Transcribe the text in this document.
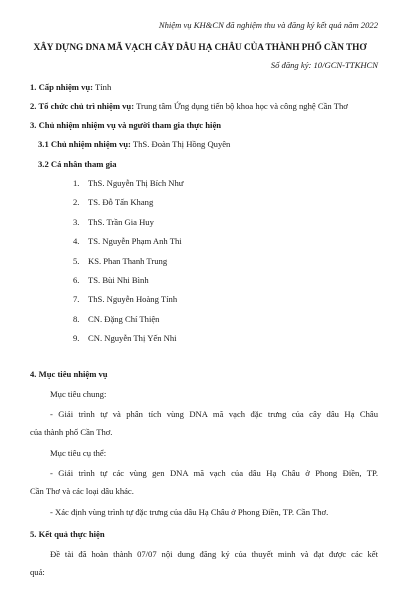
Nhiệm vụ KH&CN đã nghiệm thu và đăng ký kết quả năm 2022
XÂY DỰNG DNA MÃ VẠCH CÂY DÂU HẠ CHÂU CỦA THÀNH PHỐ CẦN THƠ
Số đăng ký: 10/GCN-TTKHCN
1. Cấp nhiệm vụ: Tỉnh
2. Tổ chức chủ trì nhiệm vụ: Trung tâm Ứng dụng tiến bộ khoa học và công nghệ Cần Thơ
3. Chủ nhiệm nhiệm vụ và người tham gia thực hiện
3.1 Chủ nhiệm nhiệm vụ: ThS. Đoàn Thị Hồng Quyên
3.2 Cá nhân tham gia
1. ThS. Nguyễn Thị Bích Như
2. TS. Đỗ Tấn Khang
3. ThS. Trần Gia Huy
4. TS. Nguyễn Phạm Anh Thi
5. KS. Phan Thanh Trung
6. TS. Bùi Nhi Bình
7. ThS. Nguyễn Hoàng Tính
8. CN. Đặng Chí Thiện
9. CN. Nguyễn Thị Yến Nhi
4. Mục tiêu nhiệm vụ
Mục tiêu chung:
- Giải trình tự và phân tích vùng DNA mã vạch đặc trưng của cây dâu Hạ Châu
của thành phố Cần Thơ.
Mục tiêu cụ thể:
- Giải trình tự các vùng gen DNA mã vạch của dâu Hạ Châu ở Phong Điền, TP.
Cần Thơ và các loại dâu khác.
- Xác định vùng trình tự đặc trưng của dâu Hạ Châu ở Phong Điền, TP. Cần Thơ.
5. Kết quả thực hiện
Đề tài đã hoàn thành 07/07 nội dung đăng ký của thuyết minh và đạt được các kết
quả:
